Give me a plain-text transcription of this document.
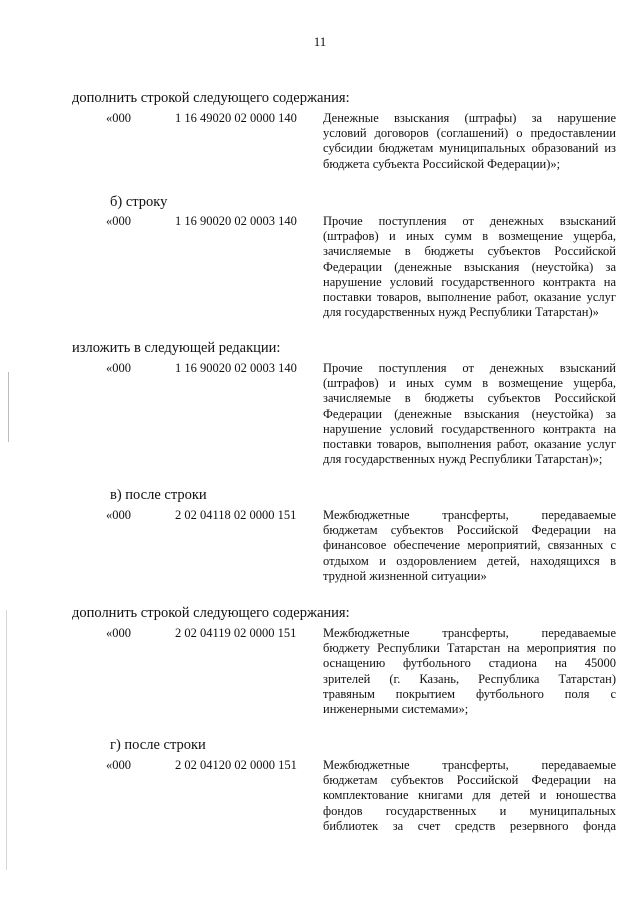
11
дополнить строкой следующего содержания:
«000	1 16 49020 02 0000 140 Денежные взыскания (штрафы) за нарушение
условий договоров (соглашений) о предоставлении
субсидии бюджетам муниципальных образований из
бюджета субъекта Российской Федерации)»;
б) строку
«000	1 16 90020 02 0003 140 Прочие поступления от денежных взысканий
(штрафов) и иных сумм в возмещение ущерба,
зачисляемые в бюджеты субъектов Российской
Федерации (денежные взыскания (неустойка) за
нарушение условий государственного контракта на
поставки товаров, выполнение работ, оказание услуг
для государственных нужд Республики Татарстан)»
изложить в следующей редакции:
«000	1 16 90020 02 0003 140 Прочие поступления от денежных взысканий
(штрафов) и иных сумм в возмещение ущерба,
зачисляемые в бюджеты субъектов Российской
Федерации (денежные взыскания (неустойка) за
нарушение условий государственного контракта на
поставки товаров, выполнения работ, оказание услуг
для государственных нужд Республики Татарстан)»;
в) после строки
«000	2 02 04118 02 0000 151 Межбюджетные трансферты, передаваемые
бюджетам субъектов Российской Федерации на
финансовое обеспечение мероприятий, связанных с
отдыхом и оздоровлением детей, находящихся в
трудной жизненной ситуации»
дополнить строкой следующего содержания:
«000	2 02 04119 02 0000 151 Межбюджетные трансферты, передаваемые
бюджету Республики Татарстан на мероприятия по
оснащению футбольного стадиона на 45000
зрителей (г. Казань, Республика Татарстан)
травяным покрытием футбольного поля с
инженерными системами»;
г) после строки
«000	2 02 04120 02 0000 151 Межбюджетные трансферты, передаваемые
бюджетам субъектов Российской Федерации на
комплектование книгами для детей и юношества
фондов государственных и муниципальных
библиотек за счет средств резервного фонда
